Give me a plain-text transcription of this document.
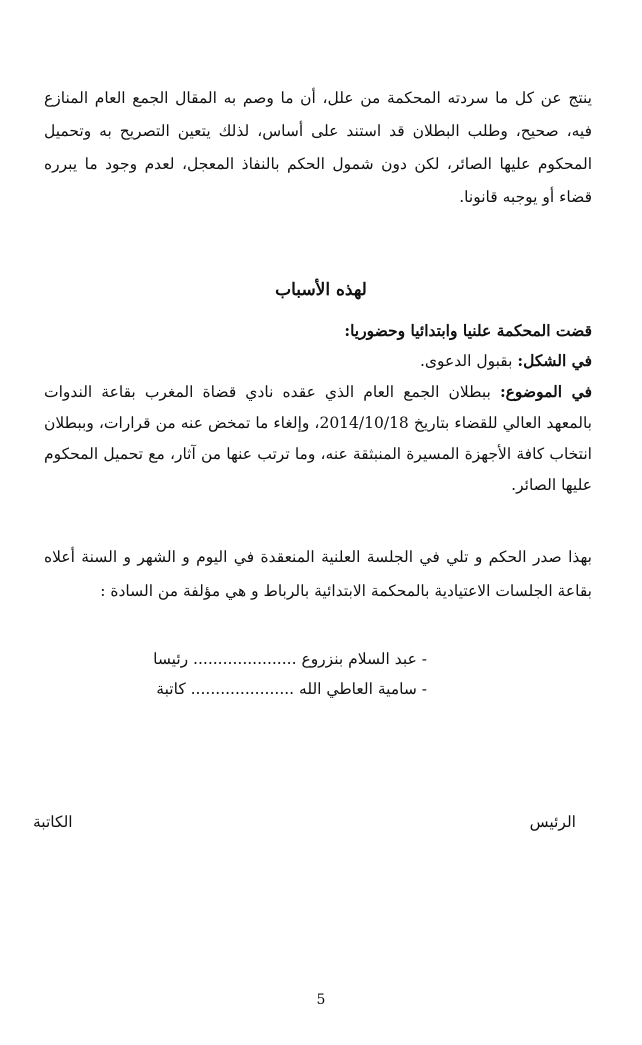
ينتج عن كل ما سردته المحكمة من علل، أن ما وصم به المقال الجمع العام المنازع فيه، صحيح، وطلب البطلان قد استند على أساس، لذلك يتعين التصريح به وتحميل المحكوم عليها الصائر، لكن دون شمول الحكم بالنفاذ المعجل، لعدم وجود ما يبرره قضاء أو يوجبه قانونا.

لهذه الأسباب

قضت المحكمة علنيا وابتدائيا وحضوريا:

في الشكل: بقبول الدعوى.

في الموضوع: ببطلان الجمع العام الذي عقده نادي قضاة المغرب بقاعة الندوات بالمعهد العالي للقضاء بتاريخ 2014/10/18، وإلغاء ما تمخض عنه من قرارات، وببطلان انتخاب كافة الأجهزة المسيرة المنبثقة عنه، وما ترتب عنها من آثار، مع تحميل المحكوم عليها الصائر.

بهذا صدر الحكم و تلي في الجلسة العلنية المنعقدة في اليوم و الشهر و السنة أعلاه بقاعة الجلسات الاعتيادية بالمحكمة الابتدائية بالرباط و هي مؤلفة من السادة :

- عبد السلام بنزروع ..................... رئيسا

- سامية العاطي الله ..................... كاتبة

الرئيس

الكاتبة

5
